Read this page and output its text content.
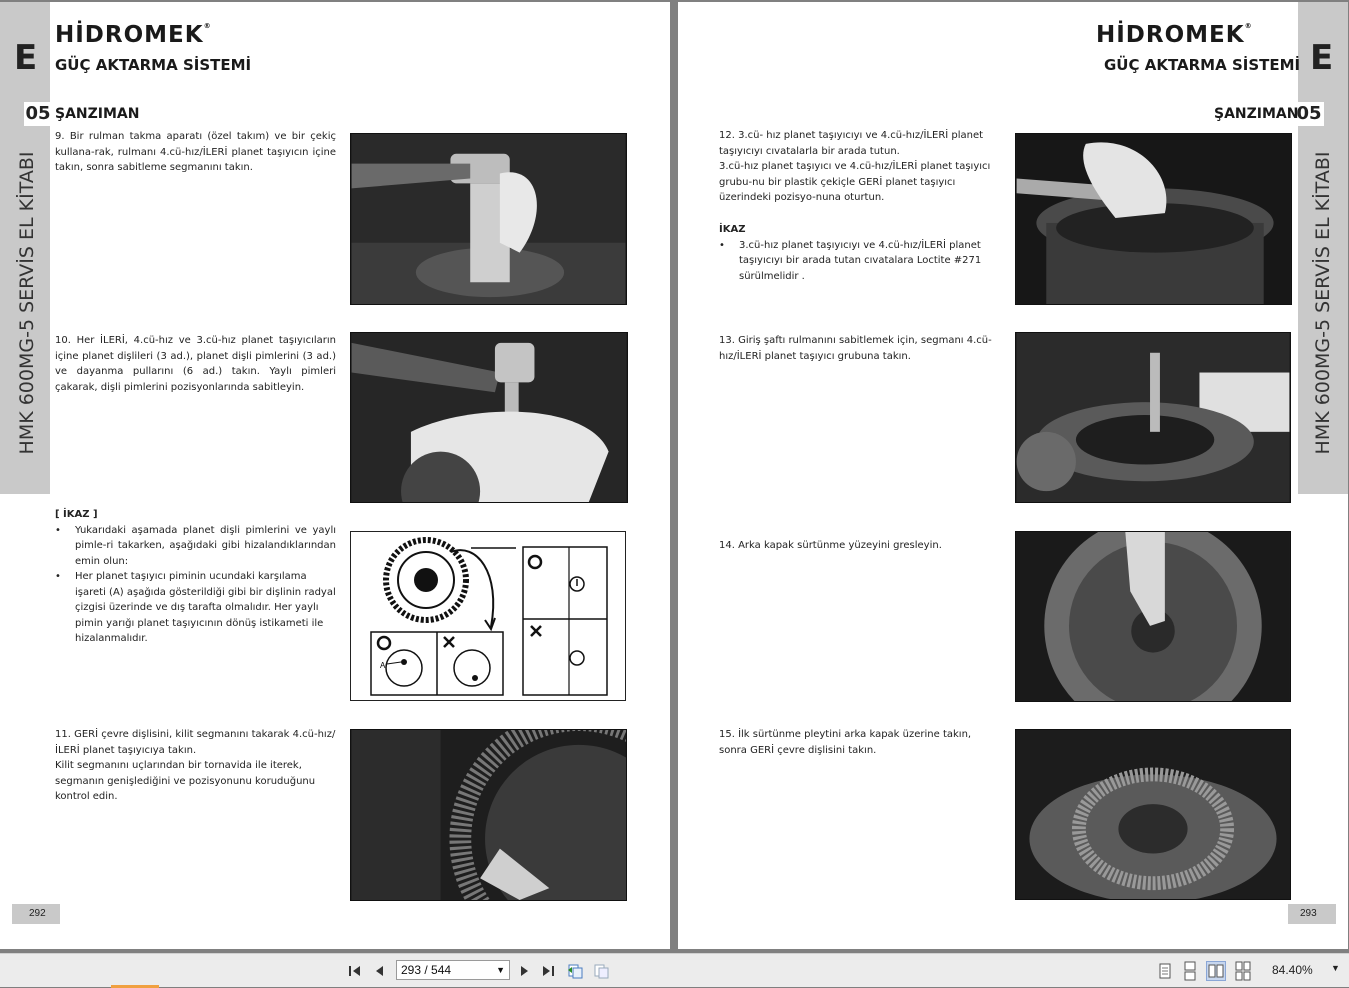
E
05
HMK 600MG-5 SERVİS EL KİTABI
HİDROMEK®
GÜÇ AKTARMA SİSTEMİ
ŞANZIMAN
9. Bir rulman takma aparatı (özel takım) ve bir çekiç kullana-rak, rulmanı 4.cü-hız/İLERİ planet taşıyıcın içine takın, sonra sabitleme segmanını takın.
10. Her İLERİ, 4.cü-hız ve 3.cü-hız planet taşıyıcıların içine planet dişlileri (3 ad.), planet dişli pimlerini (3 ad.) ve dayanma pullarını (6 ad.) takın. Yaylı pimleri çakarak, dişli pimlerini pozisyonlarında sabitleyin.
[ İKAZ ]
• Yukarıdaki aşamada planet dişli pimlerini ve yaylı pimle-ri takarken, aşağıdaki gibi hizalandıklarından emin olun:
• Her planet taşıyıcı piminin ucundaki karşılama işareti (A) aşağıda gösterildiği gibi bir dişlinin radyal çizgisi üzerinde ve dış tarafta olmalıdır. Her yaylı pimin yarığı planet taşıyıcının dönüş istikameti ile hizalanmalıdır.
A
11. GERİ çevre dişlisini, kilit segmanını takarak 4.cü-hız/İLERİ planet taşıyıcıya takın.
Kilit segmanını uçlarından bir tornavida ile iterek, segmanın genişlediğini ve pozisyonunu koruduğunu kontrol edin.
292
E
05
HMK 600MG-5 SERVİS EL KİTABI
HİDROMEK®
GÜÇ AKTARMA SİSTEMİ
ŞANZIMAN
12. 3.cü- hız planet taşıyıcıyı ve 4.cü-hız/İLERİ planet taşıyıcıyı cıvatalarla bir arada tutun.
3.cü-hız planet taşıyıcı ve 4.cü-hız/İLERİ planet taşıyıcı grubu-nu bir plastik çekiçle GERİ planet taşıyıcı üzerindeki pozisyo-nuna oturtun.
İKAZ
• 3.cü-hız planet taşıyıcıyı ve 4.cü-hız/İLERİ planet taşıyıcıyı bir arada tutan cıvatalara Loctite #271 sürülmelidir .
13. Giriş şaftı rulmanını sabitlemek için, segmanı 4.cü-hız/İLERİ planet taşıyıcı grubuna takın.
14. Arka kapak sürtünme yüzeyini gresleyin.
15. İlk sürtünme pleytini arka kapak üzerine takın, sonra GERİ çevre dişlisini takın.
293
293 / 544	▼	84.40% ▼
